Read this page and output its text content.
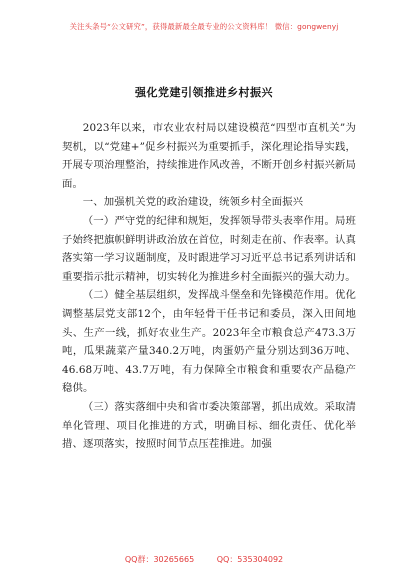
关注头条号“公文研究”，获得最新最全最专业的公文资料库！ 微信：gongwenyj
强化党建引领推进乡村振兴

2023年以来，市农业农村局以建设模范“四型市直机关”为契机，以“党建+”促乡村振兴为重要抓手，深化理论指导实践，开展专项治理整治，持续推进作风改善，不断开创乡村振兴新局面。

一、加强机关党的政治建设，统领乡村全面振兴

（一）严守党的纪律和规矩，发挥领导带头表率作用。局班子始终把旗帜鲜明讲政治放在首位，时刻走在前、作表率。认真落实第一学习议题制度，及时跟进学习习近平总书记系列讲话和重要指示批示精神，切实转化为推进乡村全面振兴的强大动力。

（二）健全基层组织，发挥战斗堡垒和先锋模范作用。优化调整基层党支部12个，由年轻骨干任书记和委员，深入田间地头、生产一线，抓好农业生产。2023年全市粮食总产473.3万吨，瓜果蔬菜产量340.2万吨，肉蛋奶产量分别达到36万吨、46.68万吨、43.7万吨，有力保障全市粮食和重要农产品稳产稳供。

（三）落实落细中央和省市委决策部署，抓出成效。采取清单化管理、项目化推进的方式，明确目标、细化责任、优化举措、逐项落实，按照时间节点压茬推进。加强

QQ群：30265665	QQ：535304092
